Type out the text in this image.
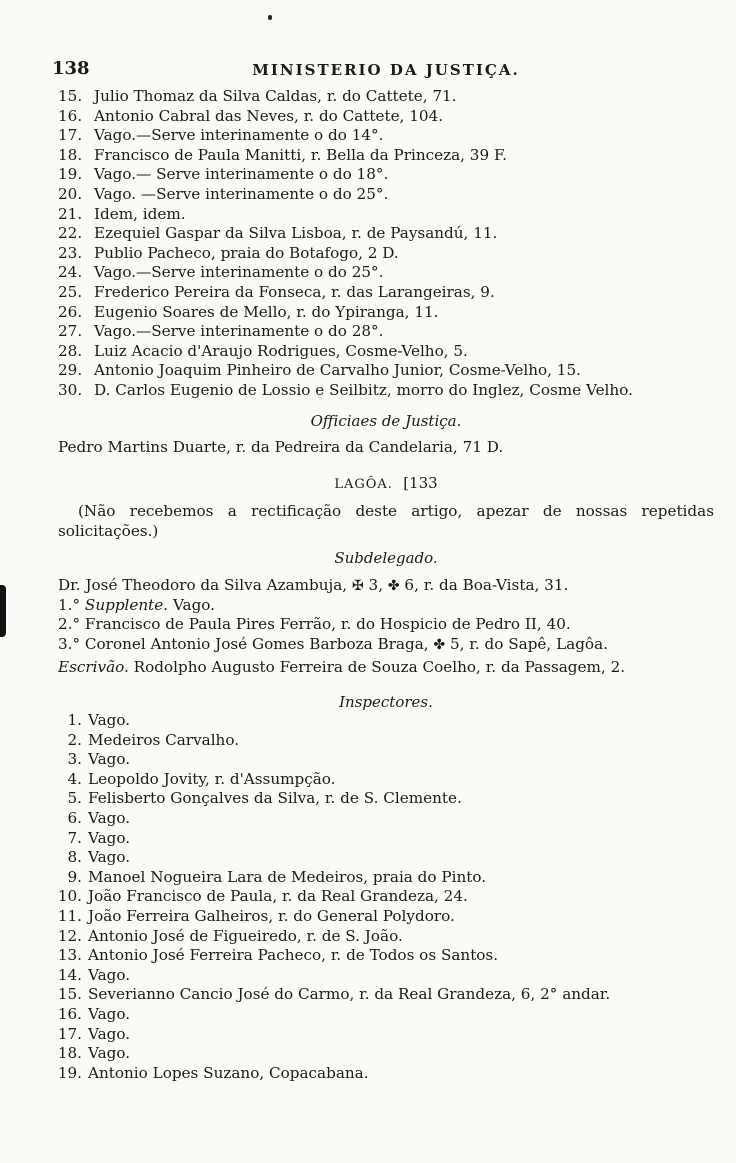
138	MINISTERIO DA JUSTIÇA.
15. Julio Thomaz da Silva Caldas, r. do Cattete, 71.
16. Antonio Cabral das Neves, r. do Cattete, 104.
17. Vago.—Serve interinamente o do 14°.
18. Francisco de Paula Manitti, r. Bella da Princeza, 39 F.
19. Vago.— Serve interinamente o do 18°.
20. Vago. —Serve interinamente o do 25°.
21. Idem, idem.
22. Ezequiel Gaspar da Silva Lisboa, r. de Paysandú, 11.
23. Publio Pacheco, praia do Botafogo, 2 D.
24. Vago.—Serve interinamente o do 25°.
25. Frederico Pereira da Fonseca, r. das Larangeiras, 9.
26. Eugenio Soares de Mello, r. do Ypiranga, 11.
27. Vago.—Serve interinamente o do 28°.
28. Luiz Acacio d'Araujo Rodrigues, Cosme-Velho, 5.
29. Antonio Joaquim Pinheiro de Carvalho Junior, Cosme-Velho, 15.
30. D. Carlos Eugenio de Lossio e Seilbitz, morro do Inglez, Cosme Velho.
Officiaes de Justiça.
Pedro Martins Duarte, r. da Pedreira da Candelaria, 71 D.
LAGÔA. [133
(Não recebemos a rectificação deste artigo, apezar de nossas repetidas
solicitações.)
Subdelegado.
Dr. José Theodoro da Silva Azambuja, ✠ 3, ✤ 6, r. da Boa-Vista, 31.
1.° Supplente. Vago.
2.° Francisco de Paula Pires Ferrão, r. do Hospicio de Pedro II, 40.
3.° Coronel Antonio José Gomes Barboza Braga, ✤ 5, r. do Sapê, Lagôa.
Escrivão. Rodolpho Augusto Ferreira de Souza Coelho, r. da Passagem, 2.
Inspectores.
1. Vago.
2. Medeiros Carvalho.
3. Vago.
4. Leopoldo Jovity, r. d'Assumpção.
5. Felisberto Gonçalves da Silva, r. de S. Clemente.
6. Vago.
7. Vago.
8. Vago.
9. Manoel Nogueira Lara de Medeiros, praia do Pinto.
10. João Francisco de Paula, r. da Real Grandeza, 24.
11. João Ferreira Galheiros, r. do General Polydoro.
12. Antonio José de Figueiredo, r. de S. João.
13. Antonio José Ferreira Pacheco, r. de Todos os Santos.
14. Vago.
15. Severianno Cancio José do Carmo, r. da Real Grandeza, 6, 2° andar.
16. Vago.
17. Vago.
18. Vago.
19. Antonio Lopes Suzano, Copacabana.
